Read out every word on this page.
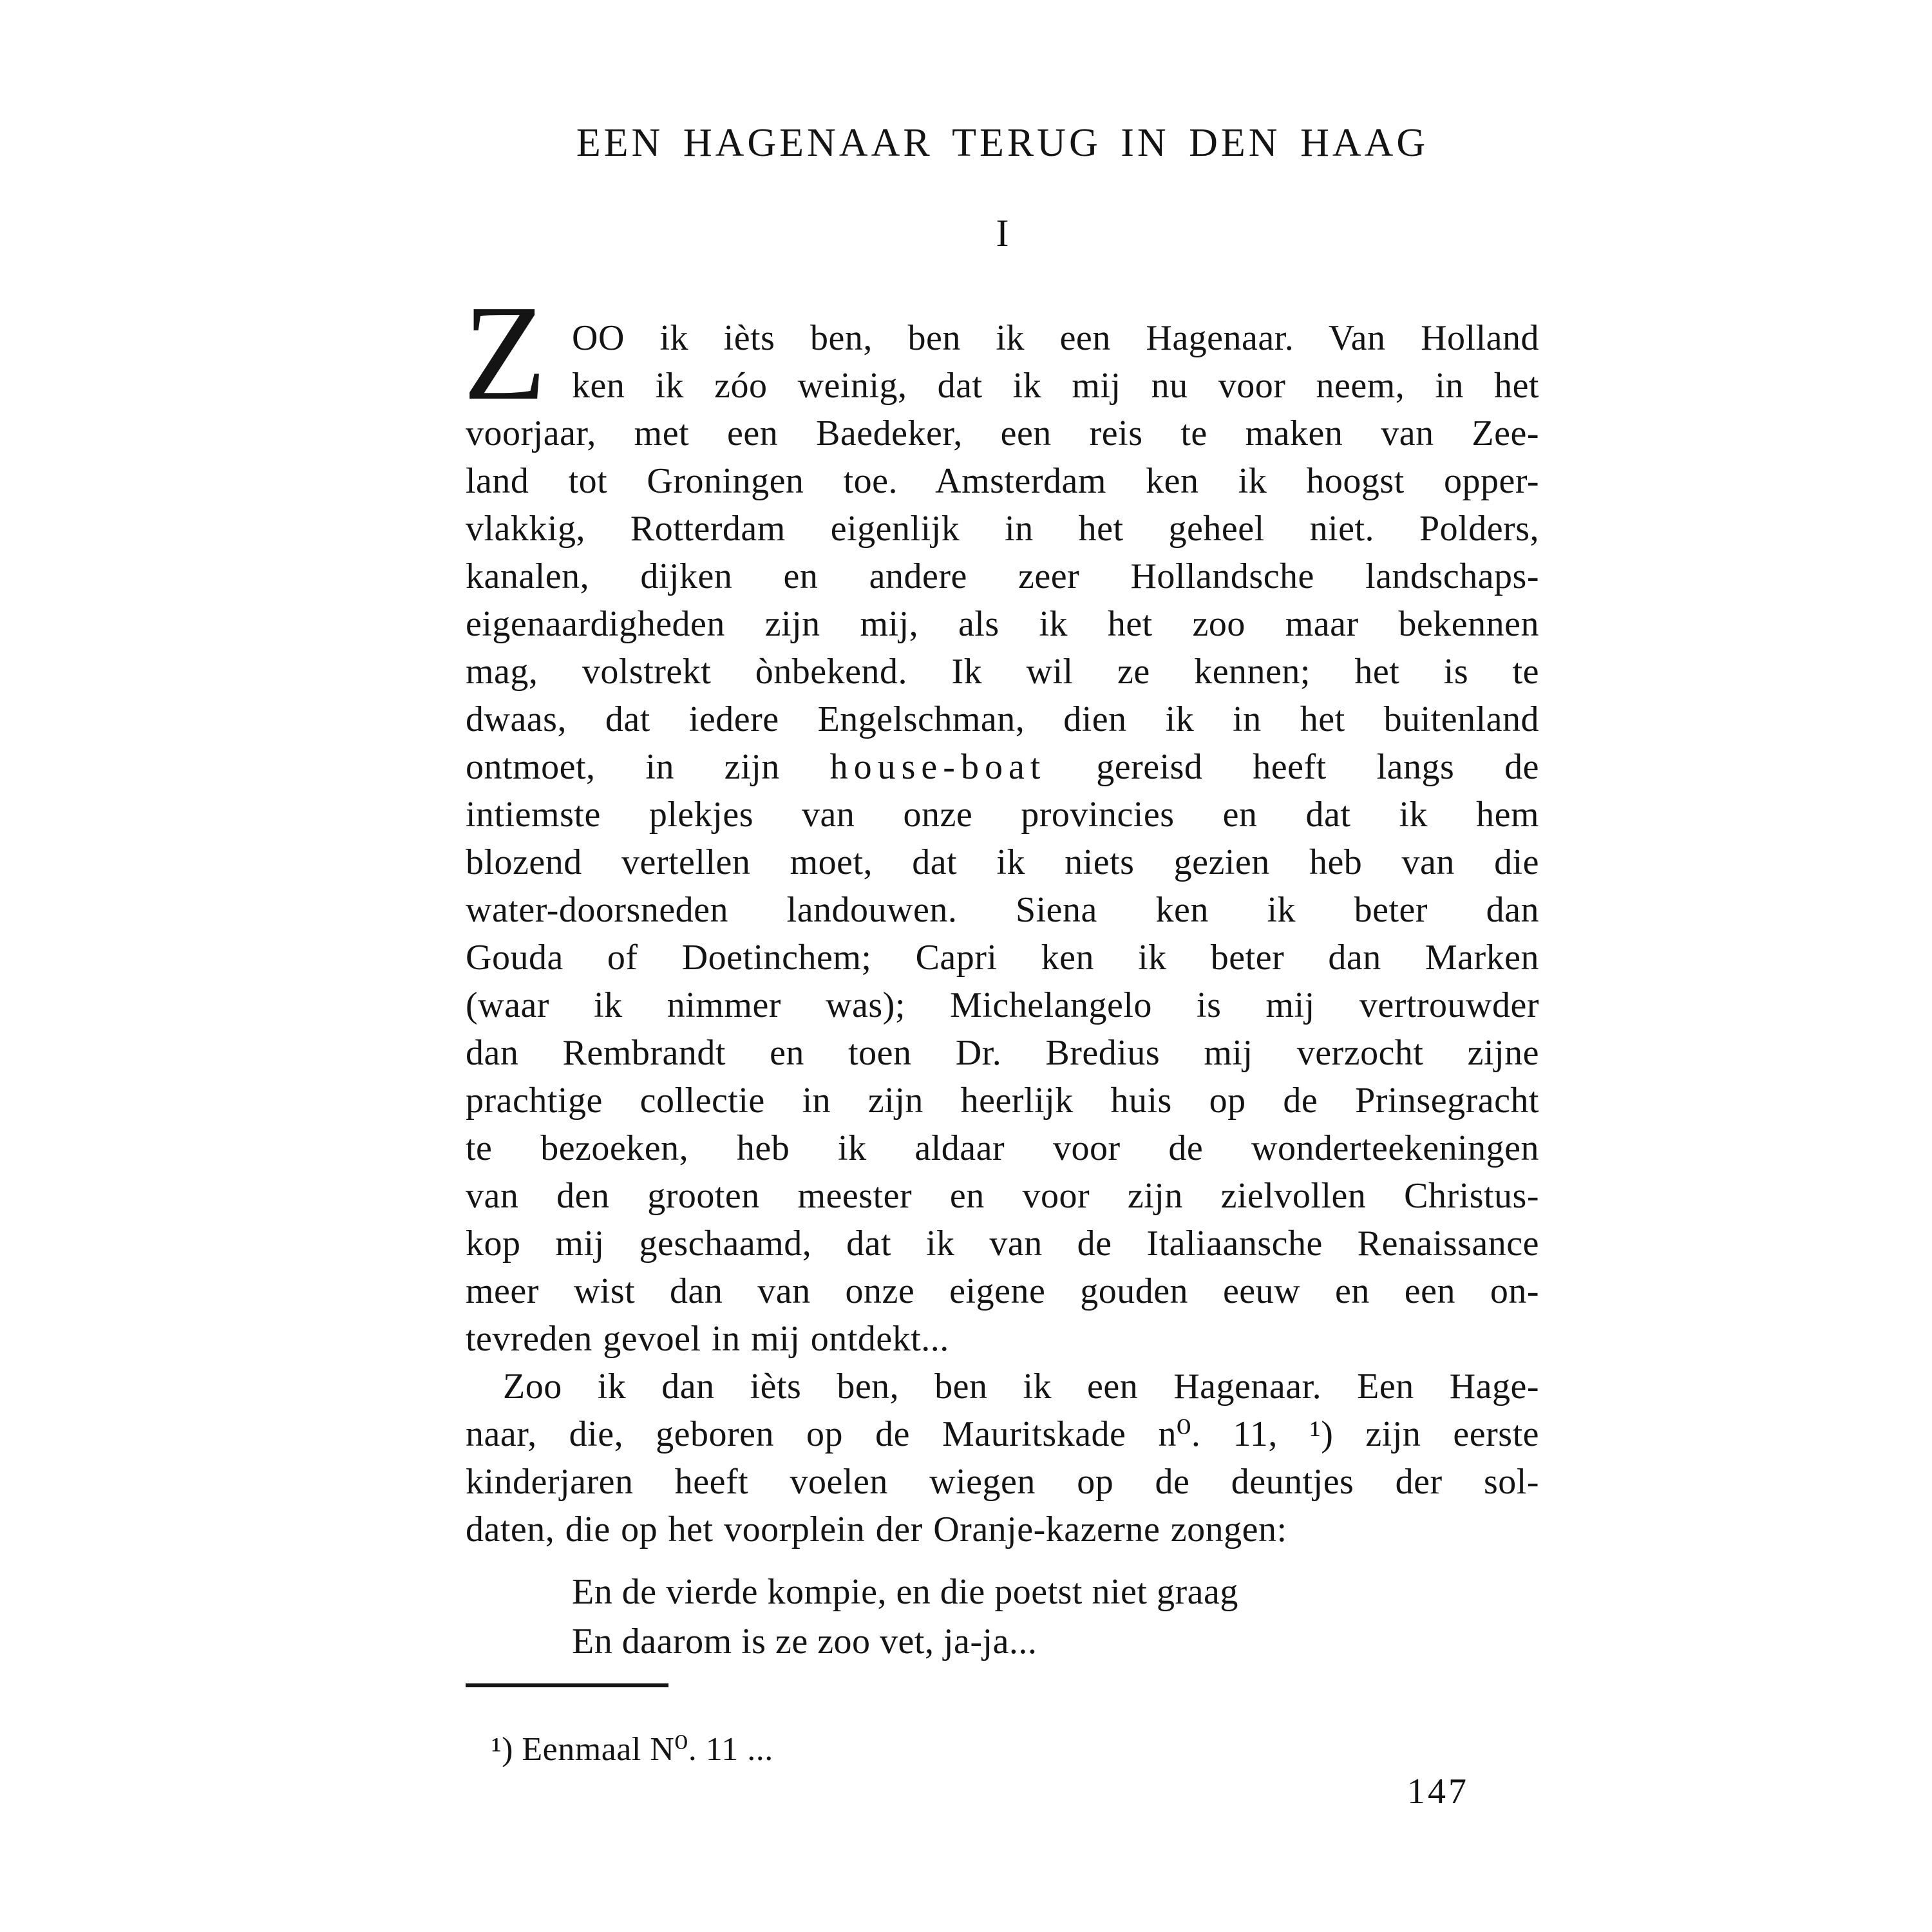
EEN HAGENAAR TERUG IN DEN HAAG
I
Z OO ik ièts ben, ben ik een Hagenaar. Van Holland
ken ik zóo weinig, dat ik mij nu voor neem, in het
voorjaar, met een Baedeker, een reis te maken van Zee-
land tot Groningen toe. Amsterdam ken ik hoogst opper-
vlakkig, Rotterdam eigenlijk in het geheel niet. Polders,
kanalen, dijken en andere zeer Hollandsche landschaps-
eigenaardigheden zijn mij, als ik het zoo maar bekennen
mag, volstrekt ònbekend. Ik wil ze kennen; het is te
dwaas, dat iedere Engelschman, dien ik in het buitenland
ontmoet, in zijn house-boat gereisd heeft langs de
intiemste plekjes van onze provincies en dat ik hem
blozend vertellen moet, dat ik niets gezien heb van die
water-doorsneden landouwen. Siena ken ik beter dan
Gouda of Doetinchem; Capri ken ik beter dan Marken
(waar ik nimmer was); Michelangelo is mij vertrouwder
dan Rembrandt en toen Dr. Bredius mij verzocht zijne
prachtige collectie in zijn heerlijk huis op de Prinsegracht
te bezoeken, heb ik aldaar voor de wonderteekeningen
van den grooten meester en voor zijn zielvollen Christus-
kop mij geschaamd, dat ik van de Italiaansche Renaissance
meer wist dan van onze eigene gouden eeuw en een on-
tevreden gevoel in mij ontdekt...
Zoo ik dan ièts ben, ben ik een Hagenaar. Een Hage-
naar, die, geboren op de Mauritskade n⁰. 11, ¹) zijn eerste
kinderjaren heeft voelen wiegen op de deuntjes der sol-
daten, die op het voorplein der Oranje-kazerne zongen:
En de vierde kompie, en die poetst niet graag
En daarom is ze zoo vet, ja-ja...
¹) Eenmaal N⁰. 11 ...
147
